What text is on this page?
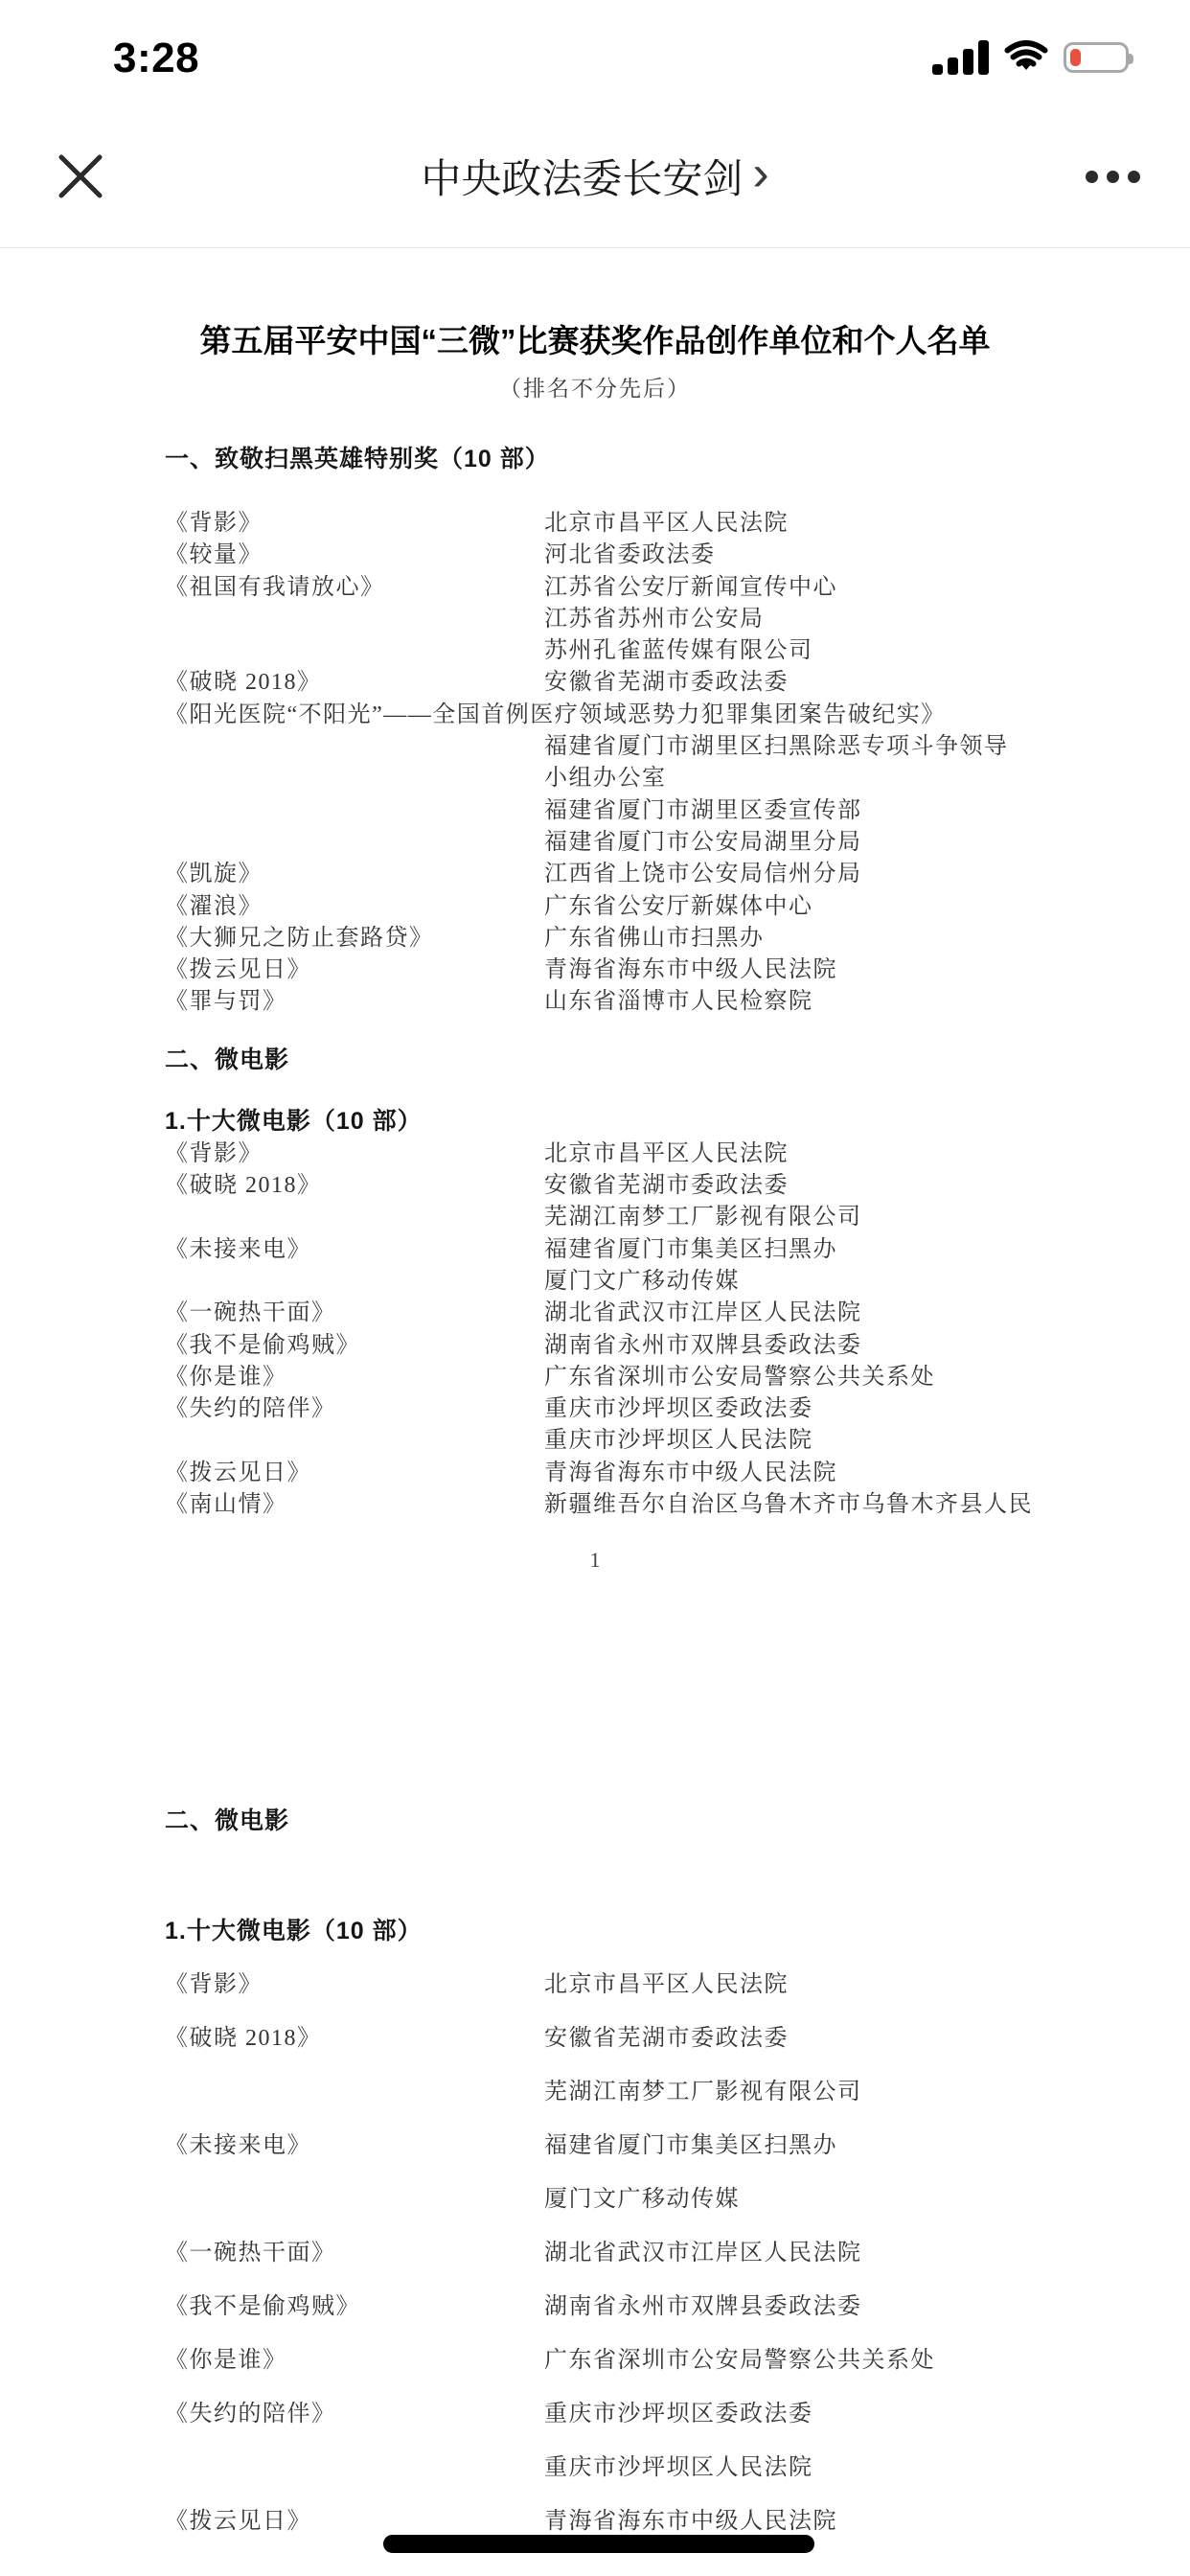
3:28
中央政法委长安剑 ›
第五届平安中国“三微”比赛获奖作品创作单位和个人名单
（排名不分先后）
一、致敬扫黑英雄特别奖（10 部）
《背影》	北京市昌平区人民法院
《较量》	河北省委政法委
《祖国有我请放心》	江苏省公安厅新闻宣传中心
江苏省苏州市公安局
苏州孔雀蓝传媒有限公司
《破晓 2018》	安徽省芜湖市委政法委
《阳光医院“不阳光”——全国首例医疗领域恶势力犯罪集团案告破纪实》
福建省厦门市湖里区扫黑除恶专项斗争领导
小组办公室
福建省厦门市湖里区委宣传部
福建省厦门市公安局湖里分局
《凯旋》	江西省上饶市公安局信州分局
《濯浪》	广东省公安厅新媒体中心
《大狮兄之防止套路贷》	广东省佛山市扫黑办
《拨云见日》	青海省海东市中级人民法院
《罪与罚》	山东省淄博市人民检察院
二、微电影
1.十大微电影（10 部）
《背影》	北京市昌平区人民法院
《破晓 2018》	安徽省芜湖市委政法委
芜湖江南梦工厂影视有限公司
《未接来电》	福建省厦门市集美区扫黑办
厦门文广移动传媒
《一碗热干面》	湖北省武汉市江岸区人民法院
《我不是偷鸡贼》	湖南省永州市双牌县委政法委
《你是谁》	广东省深圳市公安局警察公共关系处
《失约的陪伴》	重庆市沙坪坝区委政法委
重庆市沙坪坝区人民法院
《拨云见日》	青海省海东市中级人民法院
《南山情》	新疆维吾尔自治区乌鲁木齐市乌鲁木齐县人民
1
二、微电影
1.十大微电影（10 部）
《背影》	北京市昌平区人民法院
《破晓 2018》	安徽省芜湖市委政法委
芜湖江南梦工厂影视有限公司
《未接来电》	福建省厦门市集美区扫黑办
厦门文广移动传媒
《一碗热干面》	湖北省武汉市江岸区人民法院
《我不是偷鸡贼》	湖南省永州市双牌县委政法委
《你是谁》	广东省深圳市公安局警察公共关系处
《失约的陪伴》	重庆市沙坪坝区委政法委
重庆市沙坪坝区人民法院
《拨云见日》	青海省海东市中级人民法院
